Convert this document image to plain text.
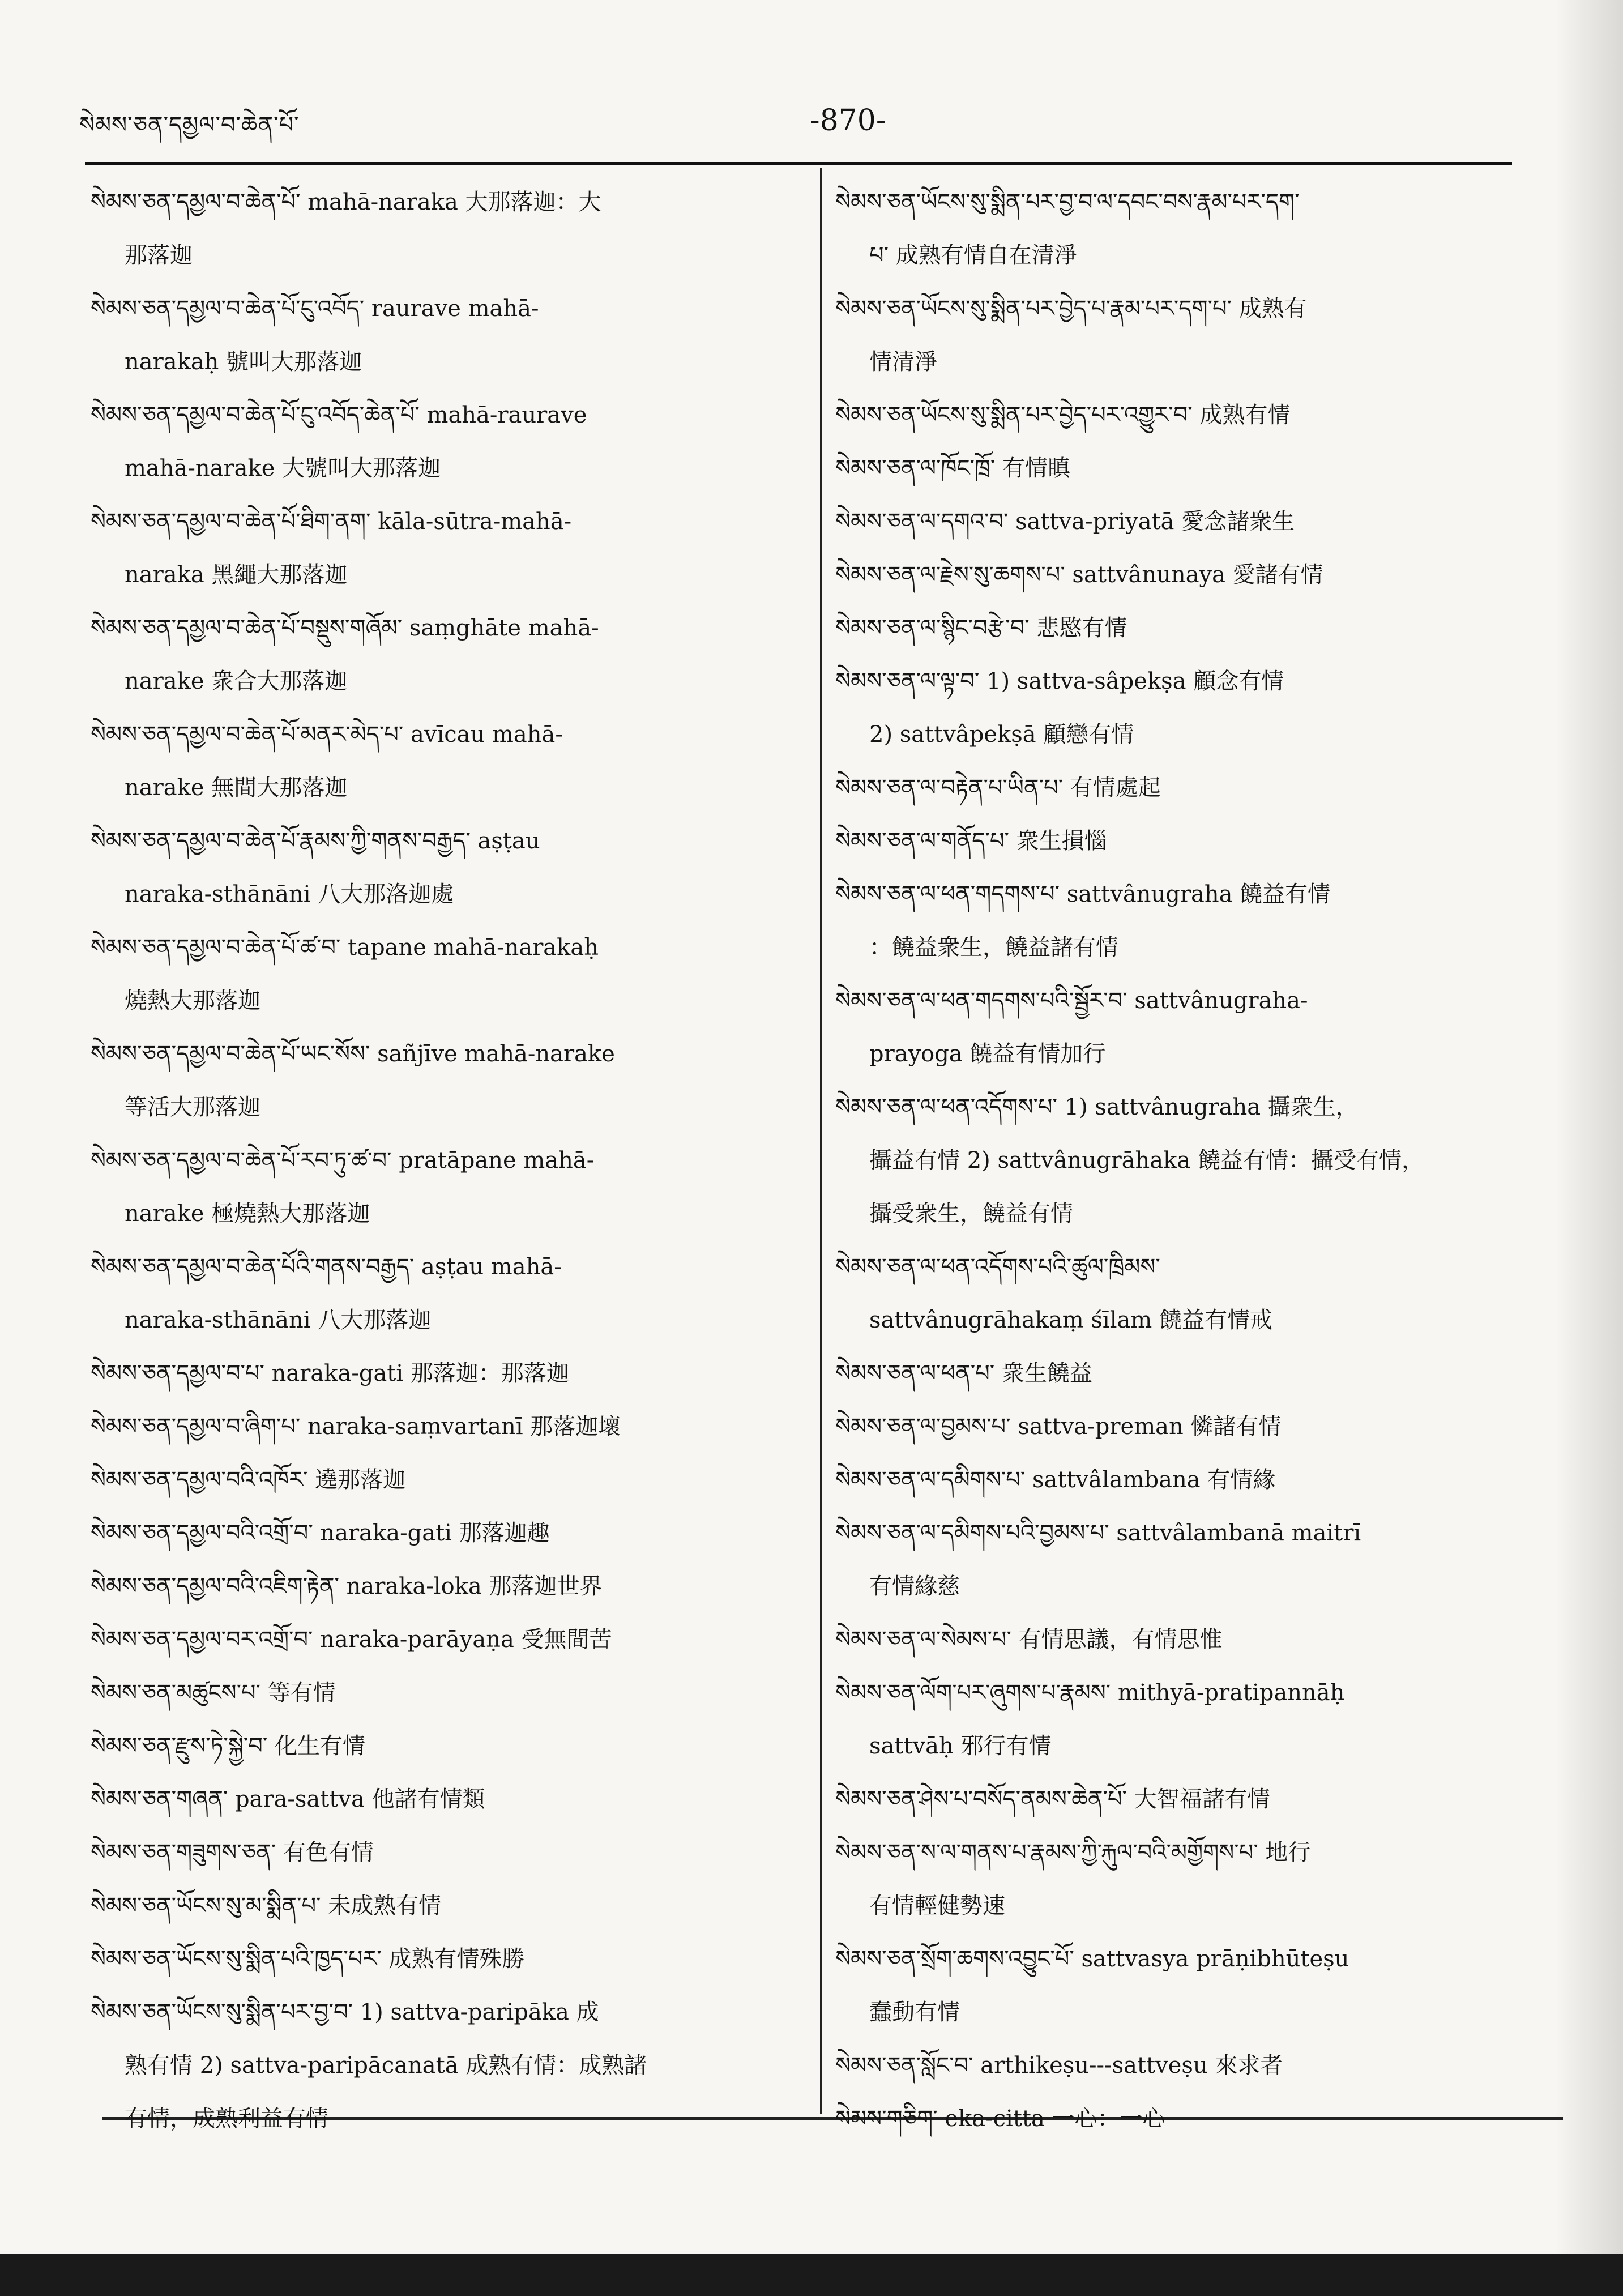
སེམས་ཅན་དམྱལ་བ་ཆེན་པོ་	-870-
སེམས་ཅན་དམྱལ་བ་ཆེན་པོ་ mahā-naraka 大那落迦：大
那落迦
སེམས་ཅན་དམྱལ་བ་ཆེན་པོ་ངུ་འབོད་ raurave mahā-
narakaḥ 號叫大那落迦
སེམས་ཅན་དམྱལ་བ་ཆེན་པོ་ངུ་འབོད་ཆེན་པོ་ mahā-raurave
mahā-narake 大號叫大那落迦
སེམས་ཅན་དམྱལ་བ་ཆེན་པོ་ཐིག་ནག་ kāla-sūtra-mahā-
naraka 黑繩大那落迦
སེམས་ཅན་དམྱལ་བ་ཆེན་པོ་བསྡུས་གཞོམ་ saṃghāte mahā-
narake 衆合大那落迦
སེམས་ཅན་དམྱལ་བ་ཆེན་པོ་མནར་མེད་པ་ avīcau mahā-
narake 無間大那落迦
སེམས་ཅན་དམྱལ་བ་ཆེན་པོ་རྣམས་ཀྱི་གནས་བརྒྱད་ aṣṭau
naraka-sthānāni 八大那洛迦處
སེམས་ཅན་དམྱལ་བ་ཆེན་པོ་ཚ་བ་ tapane mahā-narakaḥ
燒熱大那落迦
སེམས་ཅན་དམྱལ་བ་ཆེན་པོ་ཡང་སོས་ sañjīve mahā-narake
等活大那落迦
སེམས་ཅན་དམྱལ་བ་ཆེན་པོ་རབ་ཏུ་ཚ་བ་ pratāpane mahā-
narake 極燒熱大那落迦
སེམས་ཅན་དམྱལ་བ་ཆེན་པོའི་གནས་བརྒྱད་ aṣṭau mahā-
naraka-sthānāni 八大那落迦
སེམས་ཅན་དམྱལ་བ་པ་ naraka-gati 那落迦：那落迦
སེམས་ཅན་དམྱལ་བ་ཞིག་པ་ naraka-saṃvartanī 那落迦壞
སེམས་ཅན་དམྱལ་བའི་འཁོར་ 遶那落迦
སེམས་ཅན་དམྱལ་བའི་འགྲོ་བ་ naraka-gati 那落迦趣
སེམས་ཅན་དམྱལ་བའི་འཇིག་རྟེན་ naraka-loka 那落迦世界
སེམས་ཅན་དམྱལ་བར་འགྲོ་བ་ naraka-parāyaṇa 受無間苦
སེམས་ཅན་མཚུངས་པ་ 等有情
སེམས་ཅན་རྫུས་ཏེ་སྐྱེ་བ་ 化生有情
སེམས་ཅན་གཞན་ para-sattva 他諸有情類
སེམས་ཅན་གཟུགས་ཅན་ 有色有情
སེམས་ཅན་ཡོངས་སུ་མ་སྨིན་པ་ 未成熟有情
སེམས་ཅན་ཡོངས་སུ་སྨིན་པའི་ཁྱད་པར་ 成熟有情殊勝
སེམས་ཅན་ཡོངས་སུ་སྨིན་པར་བྱ་བ་ 1) sattva-paripāka 成
熟有情 2) sattva-paripācanatā 成熟有情：成熟諸
有情，成熟利益有情
སེམས་ཅན་ཡོངས་སུ་སྨིན་པར་བྱ་བ་ལ་དབང་བས་རྣམ་པར་དག་
པ་ 成熟有情自在清淨
སེམས་ཅན་ཡོངས་སུ་སྨིན་པར་བྱེད་པ་རྣམ་པར་དག་པ་ 成熟有
情清淨
སེམས་ཅན་ཡོངས་སུ་སྨིན་པར་བྱེད་པར་འགྱུར་བ་ 成熟有情
སེམས་ཅན་ལ་ཁོང་ཁྲོ་ 有情瞋
སེམས་ཅན་ལ་དགའ་བ་ sattva-priyatā 愛念諸衆生
སེམས་ཅན་ལ་རྗེས་སུ་ཆགས་པ་ sattvânunaya 愛諸有情
སེམས་ཅན་ལ་སྙིང་བརྩེ་བ་ 悲愍有情
སེམས་ཅན་ལ་ལྟ་བ་ 1) sattva-sâpekṣa 顧念有情
2) sattvâpekṣā 顧戀有情
སེམས་ཅན་ལ་བརྟེན་པ་ཡིན་པ་ 有情處起
སེམས་ཅན་ལ་གནོད་པ་ 衆生損惱
སེམས་ཅན་ལ་ཕན་གདགས་པ་ sattvânugraha 饒益有情
：饒益衆生，饒益諸有情
སེམས་ཅན་ལ་ཕན་གདགས་པའི་སྦྱོར་བ་ sattvânugraha-
prayoga 饒益有情加行
སེམས་ཅན་ལ་ཕན་འདོགས་པ་ 1) sattvânugraha 攝衆生，
攝益有情 2) sattvânugrāhaka 饒益有情：攝受有情，
攝受衆生，饒益有情
སེམས་ཅན་ལ་ཕན་འདོགས་པའི་ཚུལ་ཁྲིམས་
sattvânugrāhakaṃ śīlam 饒益有情戒
སེམས་ཅན་ལ་ཕན་པ་ 衆生饒益
སེམས་ཅན་ལ་བྱམས་པ་ sattva-preman 憐諸有情
སེམས་ཅན་ལ་དམིགས་པ་ sattvâlambana 有情緣
སེམས་ཅན་ལ་དམིགས་པའི་བྱམས་པ་ sattvâlambanā maitrī
有情緣慈
སེམས་ཅན་ལ་སེམས་པ་ 有情思議，有情思惟
སེམས་ཅན་ལོག་པར་ཞུགས་པ་རྣམས་ mithyā-pratipannāḥ
sattvāḥ 邪行有情
སེམས་ཅན་ཤེས་པ་བསོད་ནམས་ཆེན་པོ་ 大智福諸有情
སེམས་ཅན་ས་ལ་གནས་པ་རྣམས་ཀྱི་རྐུལ་བའི་མགྱོགས་པ་ 地行
有情輕健勢速
སེམས་ཅན་སྲོག་ཆགས་འབྱུང་པོ་ sattvasya prāṇibhūteṣu
蠢動有情
སེམས་ཅན་སློང་བ་ arthikeṣu---sattveṣu 來求者
སེམས་གཅིག་ eka-citta 一心：一心
